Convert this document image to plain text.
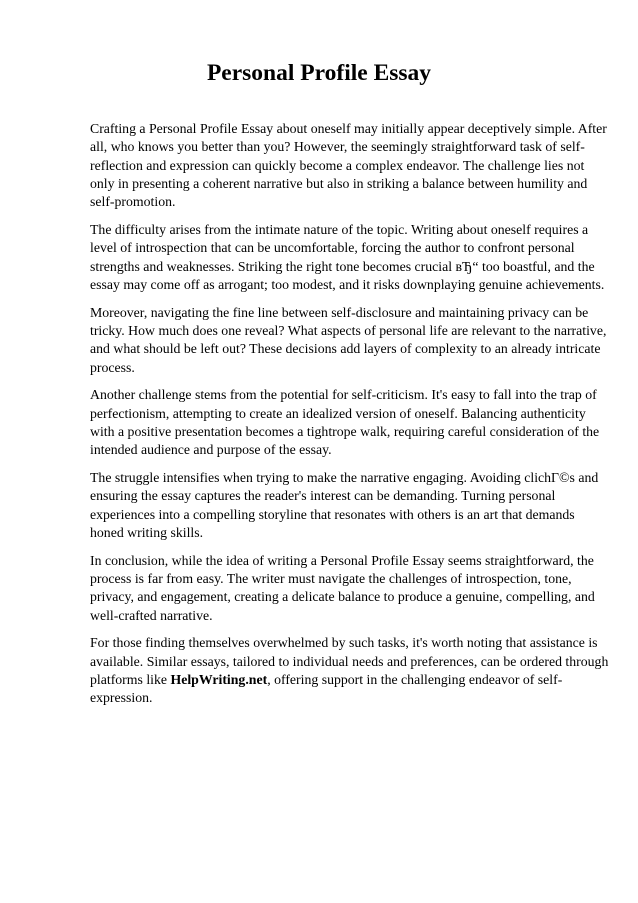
Personal Profile Essay

Crafting a Personal Profile Essay about oneself may initially appear deceptively simple. After all, who knows you better than you? However, the seemingly straightforward task of self-reflection and expression can quickly become a complex endeavor. The challenge lies not only in presenting a coherent narrative but also in striking a balance between humility and self-promotion.

The difficulty arises from the intimate nature of the topic. Writing about oneself requires a level of introspection that can be uncomfortable, forcing the author to confront personal strengths and weaknesses. Striking the right tone becomes crucial вЂ“ too boastful, and the essay may come off as arrogant; too modest, and it risks downplaying genuine achievements.

Moreover, navigating the fine line between self-disclosure and maintaining privacy can be tricky. How much does one reveal? What aspects of personal life are relevant to the narrative, and what should be left out? These decisions add layers of complexity to an already intricate process.

Another challenge stems from the potential for self-criticism. It's easy to fall into the trap of perfectionism, attempting to create an idealized version of oneself. Balancing authenticity with a positive presentation becomes a tightrope walk, requiring careful consideration of the intended audience and purpose of the essay.

The struggle intensifies when trying to make the narrative engaging. Avoiding clichГ©s and ensuring the essay captures the reader's interest can be demanding. Turning personal experiences into a compelling storyline that resonates with others is an art that demands honed writing skills.

In conclusion, while the idea of writing a Personal Profile Essay seems straightforward, the process is far from easy. The writer must navigate the challenges of introspection, tone, privacy, and engagement, creating a delicate balance to produce a genuine, compelling, and well-crafted narrative.

For those finding themselves overwhelmed by such tasks, it's worth noting that assistance is available. Similar essays, tailored to individual needs and preferences, can be ordered through platforms like HelpWriting.net, offering support in the challenging endeavor of self-expression.
